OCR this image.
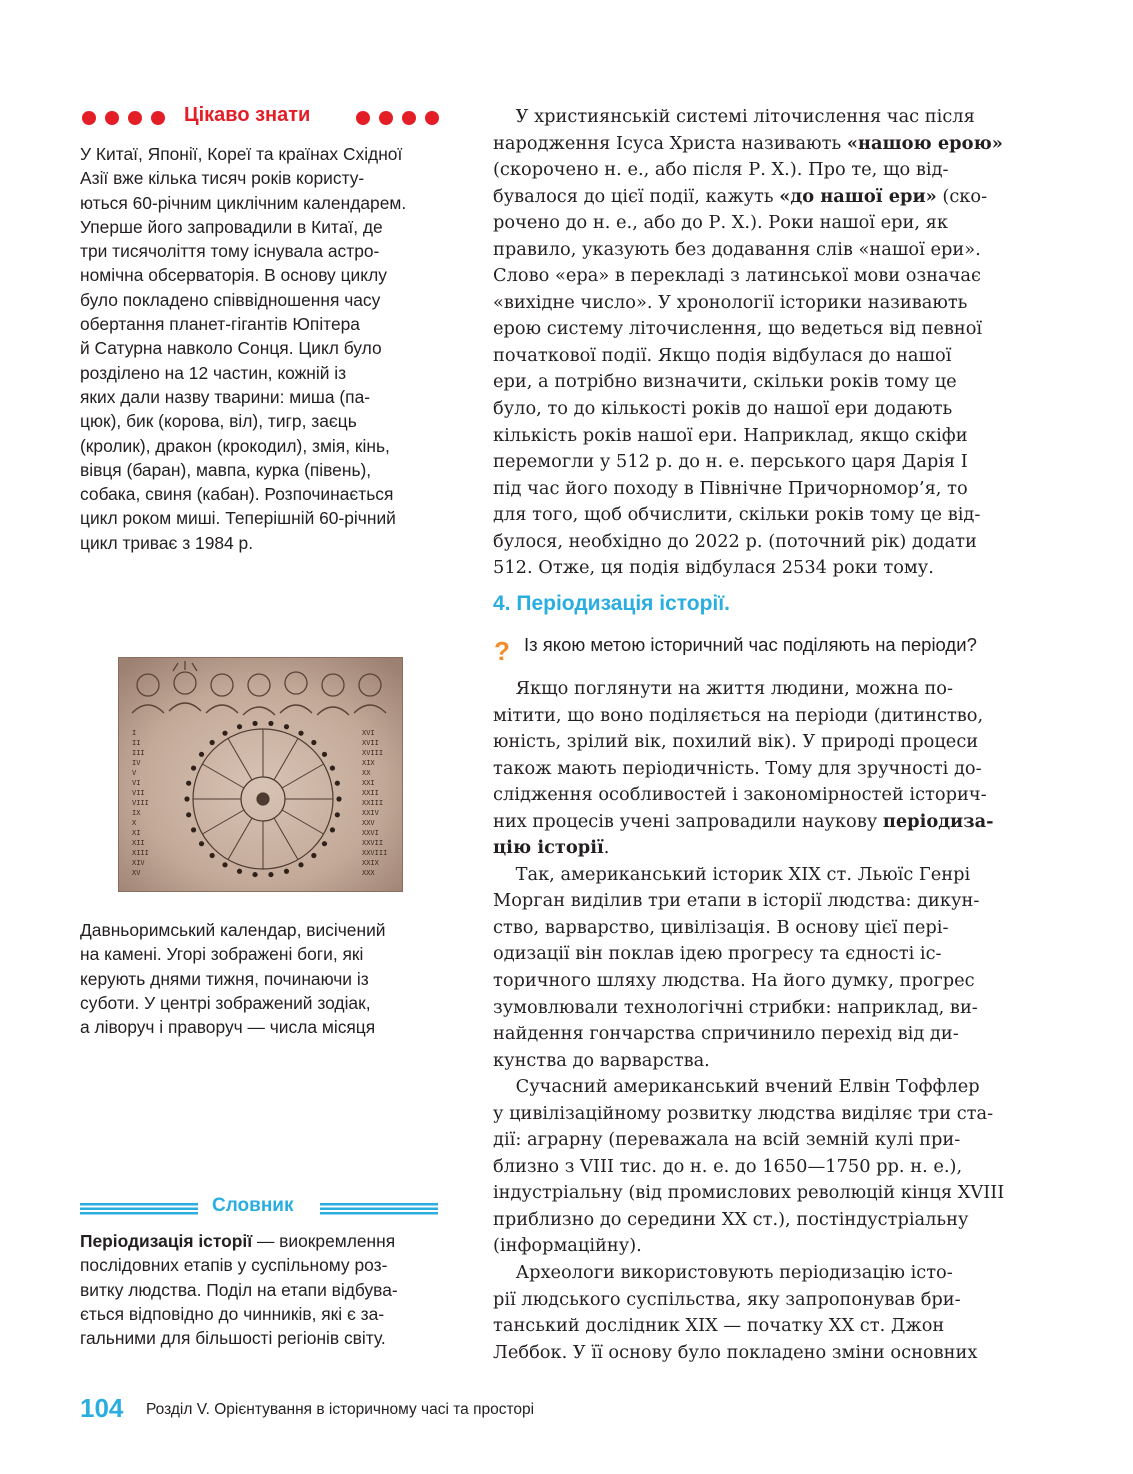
Цікаво знати
У Китаї, Японії, Кореї та країнах Східної
Азії вже кілька тисяч років користу-
ються 60-річним циклічним календарем.
Уперше його запровадили в Китаї, де
три тисячоліття тому існувала астро-
номічна обсерваторія. В основу циклу
було покладено співвідношення часу
обертання планет-гігантів Юпітера
й Сатурна навколо Сонця. Цикл було
розділено на 12 частин, кожній із
яких дали назву тварини: миша (па-
цюк), бик (корова, віл), тигр, заєць
(кролик), дракон (крокодил), змія, кінь,
вівця (баран), мавпа, курка (півень),
собака, свиня (кабан). Розпочинається
цикл роком миші. Теперішній 60-річний
цикл триває з 1984 р.
I
II
III
IV
V
VI
VII
VIII
IX
X
XI
XII
XIII
XIV
XV
XVI
XVII
XVIII
XIX
XX
XXI
XXII
XXIII
XXIV
XXV
XXVI
XXVII
XXVIII
XXIX
XXX
Давньоримський календар, висічений
на камені. Угорі зображені боги, які
керують днями тижня, починаючи із
суботи. У центрі зображений зодіак,
а ліворуч і праворуч — числа місяця
Словник
Періодизація історії — виокремлення
послідовних етапів у суспільному роз-
витку людства. Поділ на етапи відбува-
ється відповідно до чинників, які є за-
гальними для більшості регіонів світу.
У християнській системі літочислення час після
народження Ісуса Христа називають «нашою ерою»
(скорочено н. е., або після Р. Х.). Про те, що від-
бувалося до цієї події, кажуть «до нашої ери» (ско-
рочено до н. е., або до Р. Х.). Роки нашої ери, як
правило, указують без додавання слів «нашої ери».
Слово «ера» в перекладі з латинської мови означає
«вихідне число». У хронології історики називають
ерою систему літочислення, що ведеться від певної
початкової події. Якщо подія відбулася до нашої
ери, а потрібно визначити, скільки років тому це
було, то до кількості років до нашої ери додають
кількість років нашої ери. Наприклад, якщо скіфи
перемогли у 512 р. до н. е. перського царя Дарія І
під час його походу в Північне Причорномор’я, то
для того, щоб обчислити, скільки років тому це від-
булося, необхідно до 2022 р. (поточний рік) додати
512. Отже, ця подія відбулася 2534 роки тому.
4. Періодизація історії.
? Із якою метою історичний час поділяють на періоди?
Якщо поглянути на життя людини, можна по-
мітити, що воно поділяється на періоди (дитинство,
юність, зрілий вік, похилий вік). У природі процеси
також мають періодичність. Тому для зручності до-
слідження особливостей і закономірностей історич-
них процесів учені запровадили наукову періодиза-
цію історії.
Так, американський історик XIX ст. Льюїс Генрі
Морган виділив три етапи в історії людства: дикун-
ство, варварство, цивілізація. В основу цієї пері-
одизації він поклав ідею прогресу та єдності іс-
торичного шляху людства. На його думку, прогрес
зумовлювали технологічні стрибки: наприклад, ви-
найдення гончарства спричинило перехід від ди-
кунства до варварства.
Сучасний американський вчений Елвін Тоффлер
у цивілізаційному розвитку людства виділяє три ста-
дії: аграрну (переважала на всій земній кулі при-
близно з VIII тис. до н. е. до 1650—1750 рр. н. е.),
індустріальну (від промислових революцій кінця XVIII
приблизно до середини XX ст.), постіндустріальну
(інформаційну).
Археологи використовують періодизацію істо-
рії людського суспільства, яку запропонував бри-
танський дослідник XIX — початку XX ст. Джон
Леббок. У її основу було покладено зміни основних
104 Розділ V. Орієнтування в історичному часі та просторі
